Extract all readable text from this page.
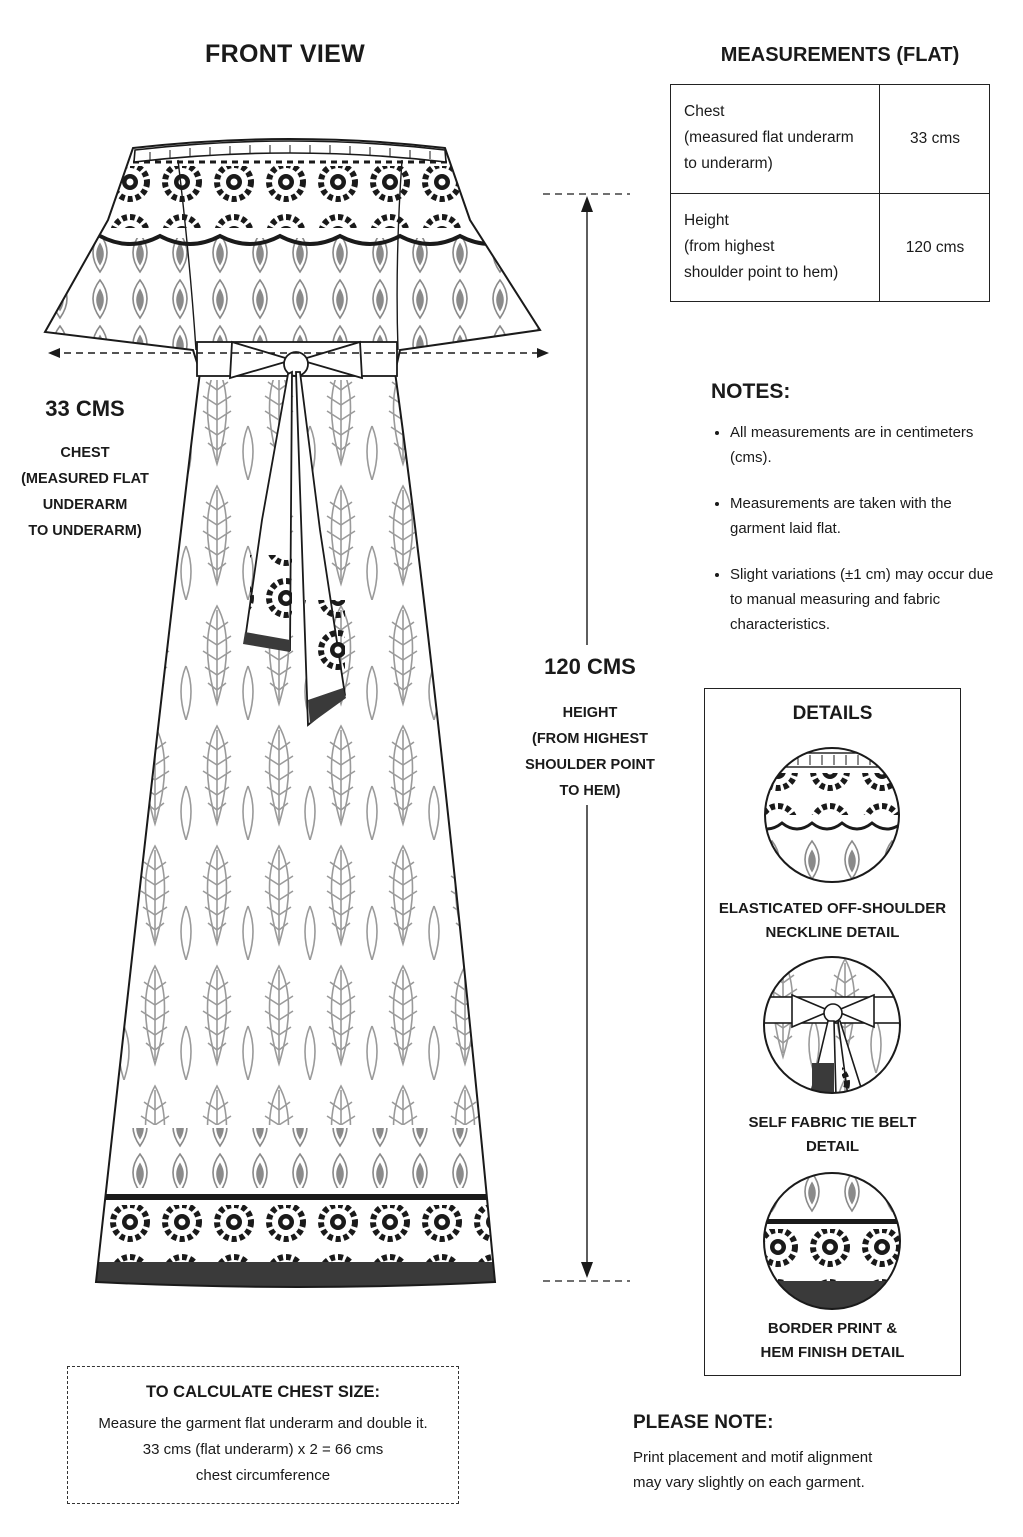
FRONT VIEW
33 CMS
CHEST
(MEASURED FLAT
UNDERARM
TO UNDERARM)
120 CMS
HEIGHT
(FROM HIGHEST
SHOULDER POINT
TO HEM)
MEASUREMENTS (FLAT)
Chest
(measured flat underarm
to underarm)
33 cms
Height
(from highest
shoulder point to hem)
120 cms
NOTES:
• All measurements are in centimeters (cms).
• Measurements are taken with the garment laid flat.
• Slight variations (±1 cm) may occur due to manual measuring and fabric characteristics.
DETAILS
ELASTICATED OFF-SHOULDER
NECKLINE DETAIL
SELF FABRIC TIE BELT
DETAIL
BORDER PRINT &
HEM FINISH DETAIL
TO CALCULATE CHEST SIZE:
Measure the garment flat underarm and double it.
33 cms (flat underarm) x 2 = 66 cms
chest circumference
PLEASE NOTE:
Print placement and motif alignment
may vary slightly on each garment.
